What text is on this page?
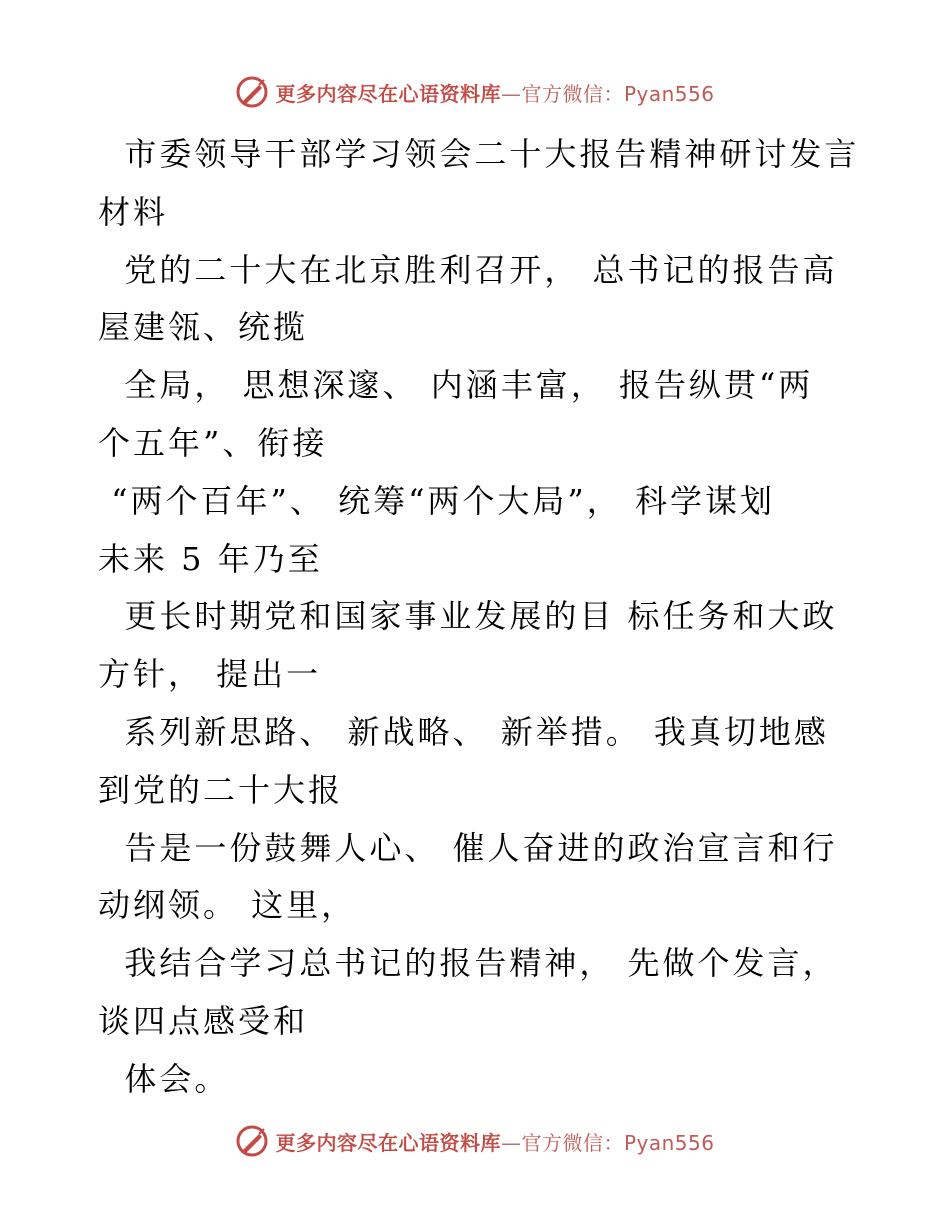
更多内容尽在心语资料库—官方微信：Pyan556
市委领导干部学习领会二十大报告精神研讨发言
材料
党的二十大在北京胜利召开， 总书记的报告高
屋建瓴、统揽
全局， 思想深邃、 内涵丰富， 报告纵贯“两
个五年”、衔接
“两个百年”、 统筹“两个大局”， 科学谋划
未来 5 年乃至
更长时期党和国家事业发展的目 标任务和大政
方针， 提出一
系列新思路、 新战略、 新举措。 我真切地感
到党的二十大报
告是一份鼓舞人心、 催人奋进的政治宣言和行
动纲领。 这里，
我结合学习总书记的报告精神， 先做个发言，
谈四点感受和
体会。
更多内容尽在心语资料库—官方微信：Pyan556
